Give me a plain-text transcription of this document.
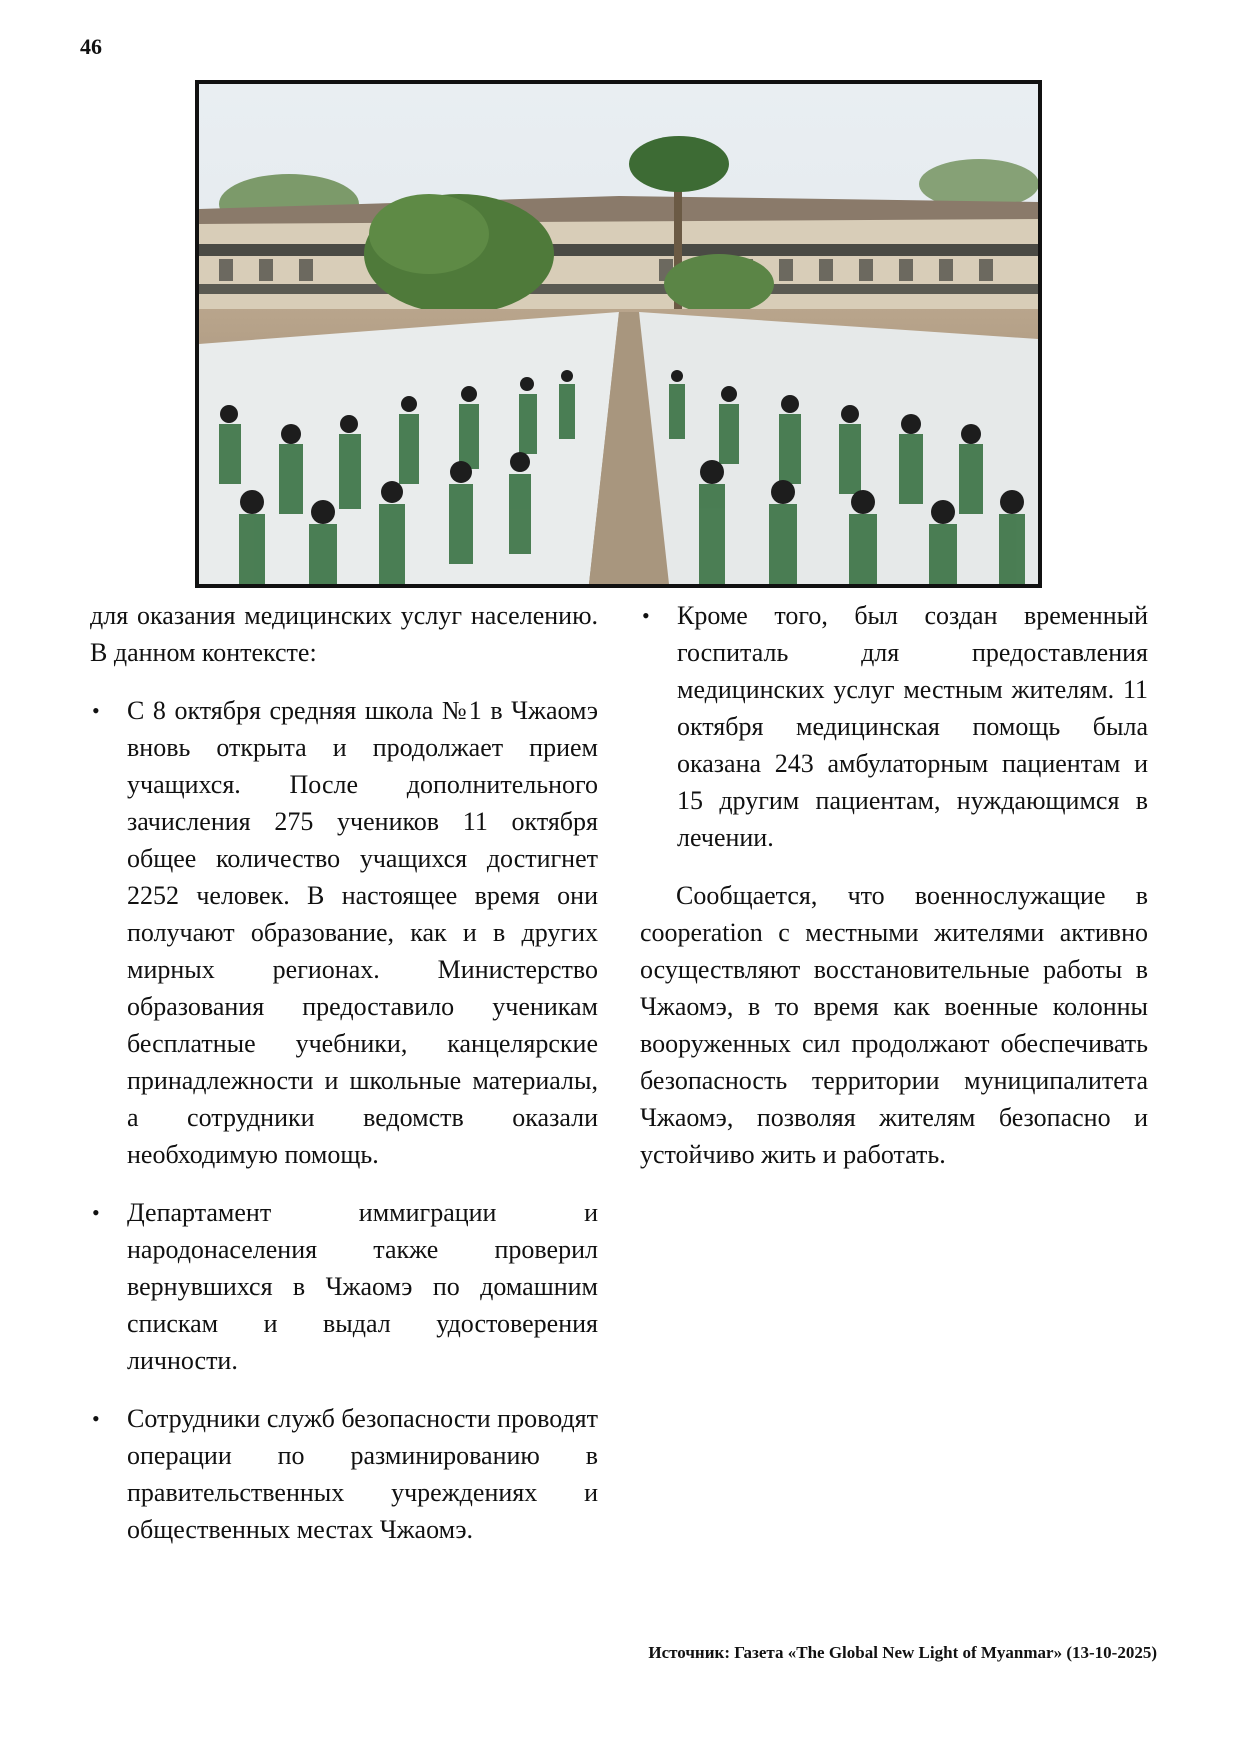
46

для оказания медицинских услуг населению. В данном контексте:

• С 8 октября средняя школа №1 в Чжаомэ вновь открыта и продолжает прием учащихся. После дополнительного зачисления 275 учеников 11 октября общее количество учащихся достигнет 2252 человек. В настоящее время они получают образование, как и в других мирных регионах. Министерство образования предоставило ученикам бесплатные учебники, канцелярские принадлежности и школьные материалы, а сотрудники ведомств оказали необходимую помощь.
• Департамент иммиграции и народонаселения также проверил вернувшихся в Чжаомэ по домашним спискам и выдал удостоверения личности.
• Сотрудники служб безопасности проводят операции по разминированию в правительственных учреждениях и общественных местах Чжаомэ.
• Кроме того, был создан временный госпиталь для предоставления медицинских услуг местным жителям. 11 октября медицинская помощь была оказана 243 амбулаторным пациентам и 15 другим пациентам, нуждающимся в лечении.

Сообщается, что военнослужащие в cooperation с местными жителями активно осуществляют восстановительные работы в Чжаомэ, в то время как военные колонны вооруженных сил продолжают обеспечивать безопасность территории муниципалитета Чжаомэ, позволяя жителям безопасно и устойчиво жить и работать.

Источник: Газета «The Global New Light of Myanmar» (13-10-2025)
